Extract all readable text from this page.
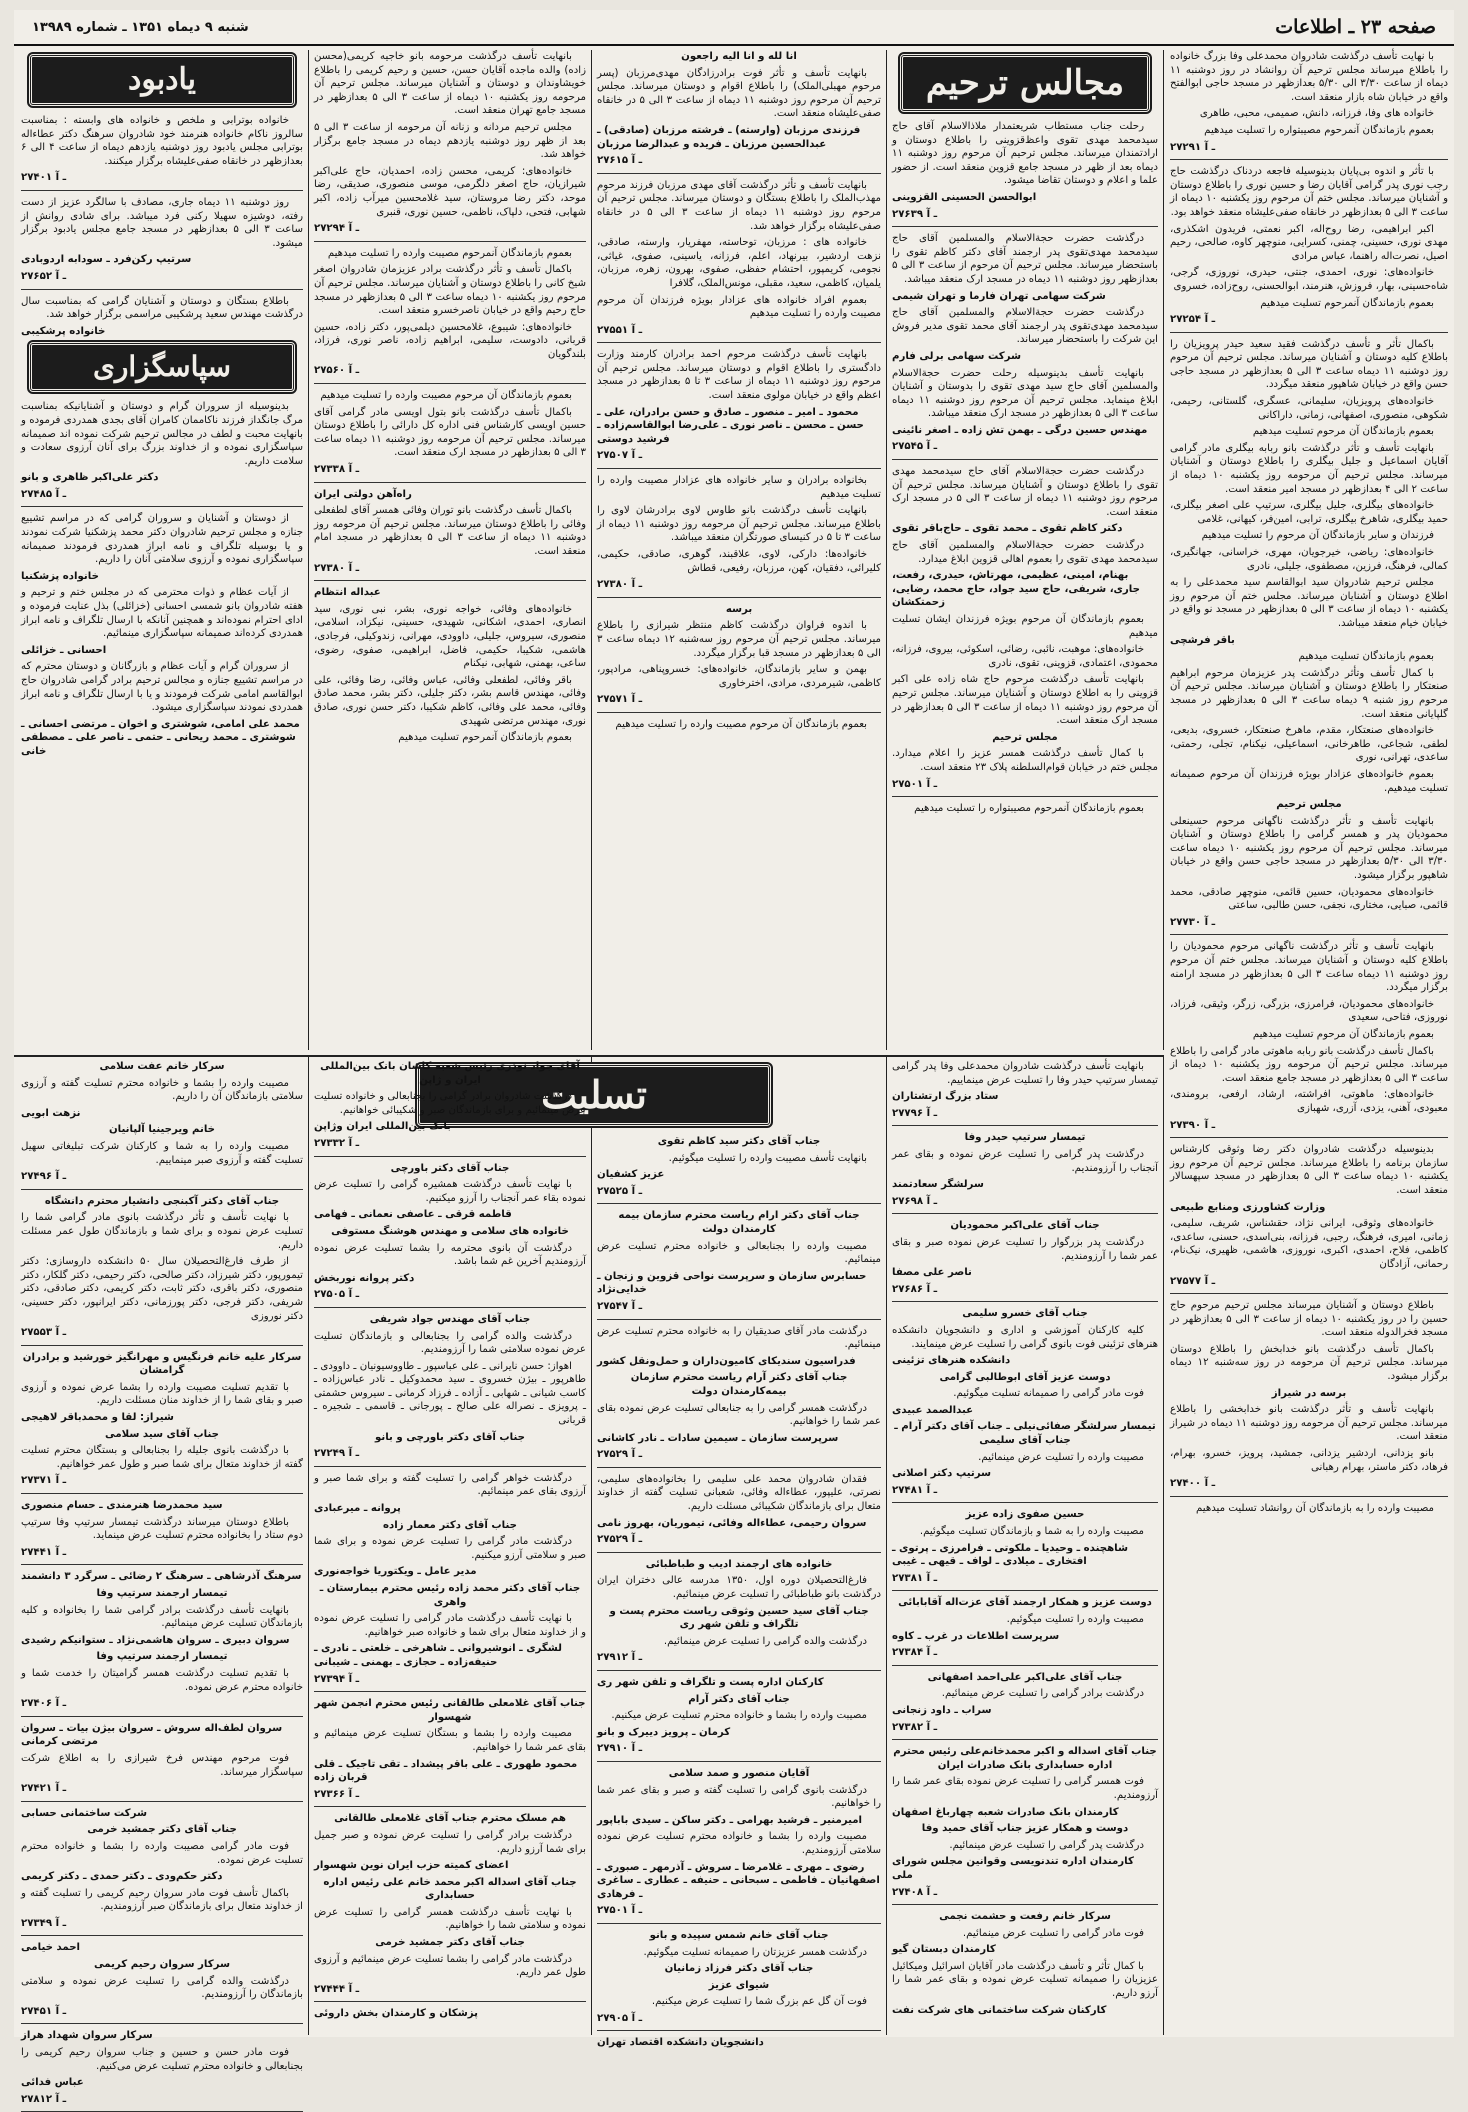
صفحه ۲۳ ـ اطلاعات
شنبه ۹ دیماه ۱۳۵۱ ـ شماره ۱۳۹۸۹

با نهایت تأسف درگذشت شادروان محمدعلی وفا بزرگ خانواده را باطلاع میرساند مجلس ترحیم آن روانشاد در روز دوشنبه ۱۱ دیماه از ساعت ۳/۳۰ الی ۵/۳۰ بعدازظهر در مسجد حاجی ابوالفتح واقع در خیابان شاه بازار منعقد است.

خانواده های وفا، فرزانه، دانش، صمیمی، محبی، طاهری

بعموم بازماندگان آنمرحوم مصیبتواره را تسلیت میدهیم

۲۷۲۹۱ ـ آ

با تأثر و اندوه بی‌پایان بدینوسیله فاجعه دردناک درگذشت حاج رجب نوری پدر گرامی آقایان رضا و حسین نوری را باطلاع دوستان و آشنایان میرساند. مجلس ختم آن مرحوم روز یکشنبه ۱۰ دیماه از ساعت ۳ الی ۵ بعدازظهر در خانقاه صفی‌علیشاه منعقد خواهد بود.

اکبر ابراهیمی، رضا روح‌اله، اکبر نعمتی، فریدون اشکذری، مهدی نوری، حسینی، چمنی، کسرایی، منوچهر کاوه، صالحی، رحیم اصیل، نصرت‌اله راهنما، عباس مرادی

خانواده‌های: نوری، احمدی، جنتی، حیدری، نوروزی، گرجی، شاه‌حسینی، بهار، فروزش، هنرمند، ابوالحسنی، روح‌زاده، خسروی

بعموم بازماندگان آنمرحوم تسلیت میدهیم

۲۷۲۵۴ ـ آ

باکمال تأثر و تأسف درگذشت فقید سعید حیدر پرویزیان را باطلاع کلیه دوستان و آشنایان میرساند. مجلس ترحیم آن مرحوم روز دوشنبه ۱۱ دیماه ساعت ۳ الی ۵ بعدازظهر در مسجد حاجی حسن واقع در خیابان شاهپور منعقد میگردد.

خانواده‌های پرویزیان، سلیمانی، عسگری، گلستانی، رحیمی، شکوهی، منصوری، اصفهانی، زمانی، داراکانی

بعموم بازماندگان آن مرحوم تسلیت میدهیم

بانهایت تأسف و تأثر درگذشت بانو ربابه بیگلری مادر گرامی آقایان اسماعیل و جلیل بیگلری را باطلاع دوستان و آشنایان میرساند. مجلس ترحیم آن مرحومه روز یکشنبه ۱۰ دیماه از ساعت ۲ الی ۴ بعدازظهر در مسجد امیر منعقد است.

خانواده‌های بیگلری، جلیل بیگلری، سرتیپ علی اصغر بیگلری، حمید بیگلری، شاهرخ بیگلری، ترابی، امین‌فر، کیهانی، غلامی

فرزندان و سایر بازماندگان آن مرحوم را تسلیت میدهیم

خانواده‌های: ریاضی، خیرجویان، مهری، خراسانی، جهانگیری، کمالی، فرهنگ، فرزین، مصطفوی، جلیلی، نادری

مجلس ترحیم شادروان سید ابوالقاسم سید محمدعلی را به اطلاع دوستان و آشنایان میرساند. مجلس ختم آن مرحوم روز یکشنبه ۱۰ دیماه از ساعت ۳ الی ۵ بعدازظهر در مسجد نو واقع در خیابان خیام منعقد میباشد.

باقر فرشچی

بعموم بازماندگان تسلیت میدهیم

با کمال تأسف وتأثر درگذشت پدر عزیزمان مرحوم ابراهیم صنعتکار را باطلاع دوستان و آشنایان میرساند. مجلس ترحیم آن مرحوم روز شنبه ۹ دیماه ساعت ۳ الی ۵ بعدازظهر در مسجد گلپایانی منعقد است.

خانواده‌های صنعتکار، مقدم، ماهرخ صنعتکار، خسروی، بدیعی، لطفی، شجاعی، طاهرخانی، اسماعیلی، نیکنام، تجلی، رحمتی، ساعدی، تهرانی، نوری

بعموم خانواده‌های عزادار بویژه فرزندان آن مرحوم صمیمانه تسلیت میدهیم.

مجلس ترحیم

بانهایت تأسف و تأثر درگذشت ناگهانی مرحوم حسینعلی محمودیان پدر و همسر گرامی را باطلاع دوستان و آشنایان میرساند. مجلس ترحیم آن مرحوم روز یکشنبه ۱۰ دیماه ساعت ۳/۳۰ الی ۵/۳۰ بعدازظهر در مسجد حاجی حسن واقع در خیابان شاهپور برگزار میشود.

خانواده‌های محمودیان، حسین قائمی، منوچهر صادقی، محمد قائمی، صبایی، مختاری، نجفی، حسن طالبی، ساعتی

۲۷۷۳۰ ـ آ

بانهایت تأسف و تأثر درگذشت ناگهانی مرحوم محمودیان را باطلاع کلیه دوستان و آشنایان میرساند. مجلس ختم آن مرحوم روز دوشنبه ۱۱ دیماه ساعت ۳ الی ۵ بعدازظهر در مسجد ارامنه برگزار میگردد.

خانواده‌های محمودیان، فرامرزی، بزرگی، زرگر، وثیقی، فرزاد، نوروزی، فتاحی، سعیدی

بعموم بازماندگان آن مرحوم تسلیت میدهیم

باکمال تأسف درگذشت بانو ربابه ماهوتی مادر گرامی را باطلاع میرساند. مجلس ترحیم آن مرحومه روز یکشنبه ۱۰ دیماه از ساعت ۳ الی ۵ بعدازظهر در مسجد جامع منعقد است.

خانواده‌های: ماهوتی، افراشته، ارشاد، ارفعی، برومندی، معبودی، آهنی، یزدی، آزری، شهبازی

۲۷۳۹۰ ـ آ

بدینوسیله درگذشت شادروان دکتر رضا وثوقی کارشناس سازمان برنامه را باطلاع میرساند. مجلس ترحیم آن مرحوم روز یکشنبه ۱۰ دیماه ساعت ۳ الی ۵ بعدازظهر در مسجد سپهسالار منعقد است.

وزارت کشاورزی ومنابع طبیعی

خانواده‌های وثوقی، ایرانی نژاد، حقشناس، شریف، سلیمی، زمانی، امیری، فرهنگ، رجبی، فرزانه، بنی‌اسدی، حسنی، ساعدی، کاظمی، فلاح، احمدی، اکبری، نوروزی، هاشمی، ظهیری، نیک‌نام، رحمانی، آزادگان

۲۷۵۷۷ ـ آ

باطلاع دوستان و آشنایان میرساند مجلس ترحیم مرحوم حاج حسین را در روز یکشنبه ۱۰ دیماه از ساعت ۳ الی ۵ بعدازظهر در مسجد فخرالدوله منعقد است.

باکمال تأسف درگذشت بانو خدابخش را باطلاع دوستان میرساند. مجلس ترحیم آن مرحومه در روز سه‌شنبه ۱۲ دیماه برگزار میشود.

برسه در شیراز

بانهایت تأسف و تأثر درگذشت بانو خدابخشی را باطلاع میرساند. مجلس ترحیم آن مرحومه روز دوشنبه ۱۱ دیماه در شیراز منعقد است.

بانو یزدانی، اردشیر یزدانی، جمشید، پرویز، خسرو، بهرام، فرهاد، دکتر ماستر، بهرام رهبانی

۲۷۴۰۰ ـ آ

مصیبت وارده را به بازماندگان آن روانشاد تسلیت میدهیم

مجالس ترحیم

رحلت جناب مستطاب شریعتمدار ملاذالاسلام آقای حاج سیدمحمد مهدی تقوی واعظ‌قزوینی را باطلاع دوستان و ارادتمندان میرساند. مجلس ترحیم آن مرحوم روز دوشنبه ۱۱ دیماه بعد از ظهر در مسجد جامع قزوین منعقد است. از حضور علما و اعلام و دوستان تقاضا میشود.

ابوالحسن الحسینی القزوینی

۲۷۶۳۹ ـ آ

درگذشت حضرت حجة‌الاسلام والمسلمین آقای حاج سیدمحمد مهدی‌تقوی پدر ارجمند آقای دکتر کاظم تقوی را باستحضار میرساند. مجلس ترحیم آن مرحوم از ساعت ۳ الی ۵ بعدازظهر روز دوشنبه ۱۱ دیماه در مسجد ارک منعقد میباشد.

شرکت سهامی تهران فارما و تهران شیمی

درگذشت حضرت حجة‌الاسلام والمسلمین آقای حاج سیدمحمد مهدی‌تقوی پدر ارجمند آقای محمد تقوی مدیر فروش این شرکت را باستحضار میرساند.

شرکت سهامی برلی فارم

بانهایت تأسف بدینوسیله رحلت حضرت حجة‌الاسلام والمسلمین آقای حاج سید مهدی تقوی را بدوستان و آشنایان ابلاغ مینماید. مجلس ترحیم آن مرحوم روز دوشنبه ۱۱ دیماه ساعت ۳ الی ۵ بعدازظهر در مسجد ارک منعقد میباشد.

مهندس حسین درگی ـ بهمن تش زاده ـ اصغر نائینی

۲۷۵۴۵ ـ آ

درگذشت حضرت حجة‌الاسلام آقای حاج سیدمحمد مهدی تقوی را باطلاع دوستان و آشنایان میرساند. مجلس ترحیم آن مرحوم روز دوشنبه ۱۱ دیماه از ساعت ۳ الی ۵ در مسجد ارک منعقد است.

دکتر کاظم تقوی ـ محمد تقوی ـ حاج‌باقر تقوی

درگذشت حضرت حجة‌الاسلام والمسلمین آقای حاج سیدمحمد مهدی تقوی را بعموم اهالی قزوین ابلاغ میدارد.

بهنام، امینی، عظیمی، مهرتاش، حیدری، رفعت، جاری، شریفی، حاج سید جواد، حاج محمد، رضایی، زحمتکشان

بعموم بازماندگان آن مرحوم بویژه فرزندان ایشان تسلیت میدهیم

خانواده‌های: موهبت، نائبی، رضائی، اسکوئی، بیروی، فرزانه، محمودی، اعتمادی، قزوینی، تقوی، نادری

بانهایت تأسف درگذشت مرحوم حاج شاه زاده علی اکبر قزوینی را به اطلاع دوستان و آشنایان میرساند. مجلس ترحیم آن مرحوم روز دوشنبه ۱۱ دیماه از ساعت ۳ الی ۵ بعدازظهر در مسجد ارک منعقد است.

مجلس ترحیم

با کمال تأسف درگذشت همسر عزیز را اعلام میدارد. مجلس ختم در خیابان قوام‌السلطنه پلاک ۲۳ منعقد است.

۲۷۵۰۱ ـ آ

بعموم بازماندگان آنمرحوم مصیبتواره را تسلیت میدهیم

انا لله و انا الیه راجعون

بانهایت تأسف و تأثر فوت برادرزادگان مهدی‌مرزبان (پسر مرحوم مهبلی‌الملک) را باطلاع اقوام و دوستان میرساند. مجلس ترحیم آن مرحوم روز دوشنبه ۱۱ دیماه از ساعت ۳ الی ۵ در خانقاه صفی‌علیشاه منعقد است.

فرزندی مرزبان (وارسته) ـ فرشته مرزبان (صادقی) ـ عبدالحسین مرزبان ـ فریده و عبدالرضا مرزبان

۲۷۶۱۵ ـ آ

بانهایت تأسف و تأثر درگذشت آقای مهدی مرزبان فرزند مرحوم مهذب‌الملک را باطلاع بستگان و دوستان میرساند. مجلس ترحیم آن مرحوم روز دوشنبه ۱۱ دیماه از ساعت ۳ الی ۵ در خانقاه صفی‌علیشاه برگزار خواهد شد.

خانواده های : مرزبان، توحاسته، مهفریار، وارسته، صادقی، نزهت اردشیر، بیرنهاد، اعلم، فرزانه، یاسینی، صفوی، غیاثی، نجومی، کریمپور، احتشام حفظی، صفوی، بهرون، زهره، مرزبان، یلمیان، کاظمی، سعید، مقبلی، مونس‌الملک، گلافرا

بعموم افراد خانواده های عزادار بویژه فرزندان آن مرحوم مصیبت وارده را تسلیت میدهیم

۲۷۵۵۱ ـ آ

بانهایت تأسف درگذشت مرحوم احمد برادران کارمند وزارت دادگستری را باطلاع اقوام و دوستان میرساند. مجلس ترحیم آن مرحوم روز دوشنبه ۱۱ دیماه از ساعت ۳ تا ۵ بعدازظهر در مسجد اعظم واقع در خیابان مولوی منعقد است.

محمود ـ امیر ـ منصور ـ صادق و حسن برادران، علی ـ حسن ـ محسن ـ ناصر نوری ـ علی‌رضا ابوالقاسم‌زاده ـ فرشید دوستی

۲۷۵۰۷ ـ آ

بخانواده برادران و سایر خانواده های عزادار مصیبت وارده را تسلیت میدهیم

بانهایت تأسف درگذشت بانو طاوس لاوی برادرشان لاوی را باطلاع میرساند. مجلس ترحیم آن مرحومه روز دوشنبه ۱۱ دیماه از ساعت ۳ تا ۵ در کنیسای صورتگران منعقد میباشد.

خانواده‌ها: دارکی، لاوی، علاقبند، گوهری، صادقی، حکیمی، کلیرائی، دفقیان، کهن، مرزبان، رفیعی، قطاش

۲۷۳۸۰ ـ آ

برسه

با اندوه فراوان درگذشت کاظم منتظر شیرازی را باطلاع میرساند. مجلس ترحیم آن مرحوم روز سه‌شنبه ۱۲ دیماه ساعت ۳ الی ۵ بعدازظهر در مسجد قبا برگزار میگردد.

بهمن و سایر بازماندگان، خانواده‌های: خسروپناهی، مرادپور، کاظمی، شیرمردی، مرادی، اخترخاوری

۲۷۵۷۱ ـ آ

بعموم بازماندگان آن مرحوم مصیبت وارده را تسلیت میدهیم

بانهایت تأسف درگذشت مرحومه بانو خاجیه کریمی(محسن زاده) والده ماجده آقایان حسن، حسین و رحیم کریمی را باطلاع خویشاوندان و دوستان و آشنایان میرساند. مجلس ترحیم آن مرحومه روز یکشنبه ۱۰ دیماه از ساعت ۳ الی ۵ بعدازظهر در مسجد جامع تهران منعقد است.

مجلس ترحیم مردانه و زنانه آن مرحومه از ساعت ۳ الی ۵ بعد از ظهر روز دوشنبه یازدهم دیماه در مسجد جامع برگزار خواهد شد.

خانواده‌های: کریمی، محسن زاده، احمدیان، حاج علی‌اکبر شیرازیان، حاج اصغر دلگرمی، موسی منصوری، صدیقی، رضا موحد، دکتر رضا مروستان، سید غلامحسین میرآب زاده، اکبر شهابی، فتحی، دلپاک، ناظمی، حسین نوری، قنبری

۲۷۲۹۴ ـ آ

بعموم بازماندگان آنمرحوم مصیبت وارده را تسلیت میدهیم

باکمال تأسف و تأثر درگذشت برادر عزیزمان شادروان اصغر شیخ کانی را باطلاع دوستان و آشنایان میرساند. مجلس ترحیم آن مرحوم روز یکشنبه ۱۰ دیماه ساعت ۳ الی ۵ بعدازظهر در مسجد حاج رحیم واقع در خیابان ناصرخسرو منعقد است.

خانواده‌های: شیبوع، غلامحسین دیلمی‌پور، دکتر زاده، حسین قربانی، دادوست، سلیمی، ابراهیم زاده، ناصر نوری، فرزاد، بلندگویان

۲۷۵۶۰ ـ آ

بعموم بازماندگان آن مرحوم مصیبت وارده را تسلیت میدهیم

باکمال تأسف درگذشت بانو بتول اویسی مادر گرامی آقای حسین اویسی کارشناس فنی اداره کل دارائی را باطلاع دوستان میرساند. مجلس ترحیم آن مرحومه روز دوشنبه ۱۱ دیماه ساعت ۳ الی ۵ بعدازظهر در مسجد ارک منعقد است.

۲۷۳۳۸ ـ آ

راه‌آهن دولتی ایران

باکمال تأسف درگذشت بانو توران وفائی همسر آقای لطفعلی وفائی را باطلاع دوستان میرساند. مجلس ترحیم آن مرحومه روز دوشنبه ۱۱ دیماه از ساعت ۳ الی ۵ بعدازظهر در مسجد امام منعقد است.

۲۷۳۸۰ ـ آ

عبداله انتظام

خانواده‌های وفائی، خواجه نوری، بشر، نبی نوری، سید انصاری، احمدی، اشکانی، شهیدی، حسینی، نیکزاد، اسلامی، منصوری، سیروس، جلیلی، داوودی، مهرانی، زندوکیلی، فرجادی، هاشمی، شکیبا، حکیمی، فاضل، ابراهیمی، صفوی، رضوی، ساعی، بهمنی، شهابی، نیکنام

باقر وفائی، لطفعلی وفائی، عباس وفائی، رضا وفائی، علی وفائی، مهندس قاسم بشر، دکتر جلیلی، دکتر بشر، محمد صادق وفائی، محمد علی وفائی، کاظم شکیبا، دکتر حسن نوری، صادق نوری، مهندس مرتضی شهیدی

بعموم بازماندگان آنمرحوم تسلیت میدهیم

یادبود

خانواده بوترابی و ملخص و خانواده های وابسته : بمناسبت سالروز ناکام خانواده هنرمند خود شادروان سرهنگ دکتر عطاءاله بوترابی مجلس یادبود روز دوشنبه یازدهم دیماه از ساعت ۴ الی ۶ بعدازظهر در خانقاه صفی‌علیشاه برگزار میکنند.

۲۷۴۰۱ ـ آ

روز دوشنبه ۱۱ دیماه جاری، مصادف با سالگرد عزیز از دست رفته، دوشیزه سهیلا رکنی فرد میباشد. برای شادی روانش از ساعت ۳ الی ۵ بعدازظهر در مسجد جامع مجلس یادبود برگزار میشود.

سرتیپ رکن‌فرد ـ سودابه اردوبادی

۲۷۶۵۲ ـ آ

باطلاع بستگان و دوستان و آشنایان گرامی که بمناسبت سال درگذشت مهندس سعید پرشکیبی مراسمی برگزار خواهد شد.

خانواده پرشکیبی

سپاسگزاری

بدینوسیله از سروران گرام و دوستان و آشنایانیکه بمناسبت مرگ جانگداز فرزند ناکاممان کامران آقای بجدی همدردی فرموده و بانهایت محبت و لطف در مجالس ترحیم شرکت نموده اند صمیمانه سپاسگزاری نموده و از خداوند بزرگ برای آنان آرزوی سعادت و سلامت داریم.

دکتر علی‌اکبر ظاهری و بانو

۲۷۴۸۵ ـ آ

از دوستان و آشنایان و سروران گرامی که در مراسم تشییع جنازه و مجلس ترحیم شادروان دکتر محمد پزشکنیا شرکت نمودند و یا بوسیله تلگراف و نامه ابراز همدردی فرمودند صمیمانه سپاسگزاری نموده و آرزوی سلامتی آنان را داریم.

خانواده پزشکنیا

از آیات عظام و ذوات محترمی که در مجلس ختم و ترحیم و هفته شادروان بانو شمسی احسانی (خزائلی) بذل عنایت فرموده و ادای احترام نموده‌اند و همچنین آنانکه با ارسال تلگراف و نامه ابراز همدردی کرده‌اند صمیمانه سپاسگزاری مینمائیم.

احسانی ـ خزائلی

از سروران گرام و آیات عظام و بازرگانان و دوستان محترم که در مراسم تشییع جنازه و مجالس ترحیم برادر گرامی شادروان حاج ابوالقاسم امامی شرکت فرمودند و یا با ارسال تلگراف و نامه ابراز همدردی نمودند سپاسگزاری میشود.

محمد علی امامی، شوشتری و اخوان ـ مرتضی احسانی ـ شوشتری ـ محمد ریحانی ـ حتمی ـ ناصر علی ـ مصطفی خانی

تسلیت

بانهایت تأسف درگذشت شادروان محمدعلی وفا پدر گرامی تیمسار سرتیپ حیدر وفا را تسلیت عرض مینماییم.

ستاد بزرگ ارتشتاران

۲۷۷۹۶ ـ آ

تیمسار سرتیپ حیدر وفا

درگذشت پدر گرامی را تسلیت عرض نموده و بقای عمر آنجناب را آرزومندیم.

سرلشگر سعادتمند

۲۷۶۹۸ ـ آ

جناب آقای علی‌اکبر محمودیان

درگذشت پدر بزرگوار را تسلیت عرض نموده صبر و بقای عمر شما را آرزومندیم.

ناصر علی مصفا

۲۷۶۸۶ ـ آ

جناب آقای خسرو سلیمی

کلیه کارکنان آموزشی و اداری و دانشجویان دانشکده هنرهای تزئینی فوت بانوی گرامی را تسلیت عرض مینمایند.

دانشکده هنرهای تزئینی

دوست عزیز آقای ابوطالبی گرامی

فوت مادر گرامی را صمیمانه تسلیت میگوئیم.

عبدالصمد عبیدی

تیمسار سرلشگر صفائی‌نیلی ـ جناب آقای دکتر آرام ـ جناب آقای سلیمی

مصیبت وارده را تسلیت عرض مینمائیم.

سرتیپ دکتر اصلانی

۲۷۴۸۱ ـ آ

حسین صفوی زاده عزیز

مصیبت وارده را به شما و بازماندگان تسلیت میگوئیم.

شاهچنده ـ وحیدیا ـ ملکوتی ـ فرامرزی ـ پرتوی ـ افتخاری ـ میلادی ـ لواف ـ قیهی ـ غیبی

۲۷۳۸۱ ـ آ

دوست عزیز و همکار ارجمند آقای عزت‌اله آقابابائی

مصیبت وارده را تسلیت میگوئیم.

سرپرست اطلاعات در غرب ـ کاوه

۲۷۳۸۴ ـ آ

جناب آقای علی‌اکبر علی‌احمد اصفهانی

درگذشت برادر گرامی را تسلیت عرض مینمائیم.

سراب ـ داود زنجانی

۲۷۳۸۲ ـ آ

جناب آقای اسداله و اکبر محمدخانم‌علی رئیس محترم اداره حسابداری بانک صادرات ایران

فوت همسر گرامی را تسلیت عرض نموده بقای عمر شما را آرزومندیم.

کارمندان بانک صادرات شعبه چهارباغ اصفهان

دوست و همکار عزیز جناب آقای حمید وفا

درگذشت پدر گرامی را تسلیت عرض مینمائیم.

کارمندان اداره تندنویسی وقوانین مجلس شورای ملی

۲۷۴۰۸ ـ آ

سرکار خانم رفعت و حشمت نجمی

فوت مادر گرامی را تسلیت عرض مینمائیم.

کارمندان دبستان گیو

با کمال تأثر و تأسف درگذشت مادر آقایان اسرائیل ومیکائیل عزیزیان را صمیمانه تسلیت عرض نموده و بقای عمر شما را آرزو داریم.

کارکنان شرکت ساختمانی های شرکت نفت

جناب آقای دکتر سید کاظم تقوی

بانهایت تأسف مصیبت وارده را تسلیت میگوئیم.

عزیز کشفیان

۲۷۵۲۵ ـ آ

جناب آقای دکتر ارام رياست محترم سازمان بیمه کارمندان دولت

مصیبت وارده را بجنابعالی و خانواده محترم تسلیت عرض مینمائیم.

حسابرس سازمان و سرپرست نواحی قزوین و زنجان ـ خدایی‌نژاد

۲۷۵۴۷ ـ آ

درگذشت مادر آقای صدیقیان را به خانواده محترم تسلیت عرض مینمائیم.

فدراسیون سندیکای کامیون‌داران و حمل‌ونقل کشور

جناب آقای دکتر آرام رياست محترم سازمان بیمه‌کارمندان دولت

درگذشت همسر گرامی را به جنابعالی تسلیت عرض نموده بقای عمر شما را خواهانیم.

سرپرست سازمان ـ سیمین سادات ـ نادر کاشانی

۲۷۵۲۹ ـ آ

فقدان شادروان محمد علی سلیمی را بخانواده‌های سلیمی، نصرتی، علیپور، عطاءاله وفائی، شعبانی تسلیت گفته از خداوند متعال برای بازماندگان شکیبائی مسئلت داریم.

سروان رحیمی، عطاءاله وفائی، تیموریان، بهروز نامی

۲۷۵۲۹ ـ آ

خانواده های ارجمند ادیب و طباطبائی

فارغ‌التحصیلان دوره اول، ۱۳۵۰ مدرسه عالی دختران ایران درگذشت بانو طباطبائی را تسلیت عرض مینمائیم.

جناب آقای سید حسین وثوقی ریاست محترم پست و تلگراف و تلفن شهر ری

درگذشت والده گرامی را تسلیت عرض مینمائیم.

۲۷۹۱۲ ـ آ

کارکنان اداره پست و تلگراف و تلفن شهر ری

جناب آقای دکتر آرام

مصیبت وارده را بشما و خانواده محترم تسلیت عرض میکنیم.

کرمان ـ پرویز دییرک و بانو

۲۷۹۱۰ ـ آ

آقایان منصور و صمد سلامی

درگذشت بانوی گرامی را تسلیت گفته و صبر و بقای عمر شما را خواهانیم.

امیرمنیر ـ فرشید بهرامی ـ دکتر ساکن ـ سیدی باباپور

مصیبت وارده را بشما و خانواده محترم تسلیت عرض نموده سلامتی آرزومندیم.

رضوی ـ مهری ـ غلامرضا ـ سروش ـ آذرمهر ـ صبوری ـ اصفهانیان ـ فاطمی ـ سبحانی ـ حنیفه ـ عطاری ـ ساغری ـ فرهادی

۲۷۵۰۱ ـ آ

جناب آقای خانم شمس سپیده و بانو

درگذشت همسر عزیزتان را صمیمانه تسلیت میگوئیم.

جناب آقای دکتر فرزاد زمانیان

شیوای عزیز

فوت آن گل عم بزرگ شما را تسلیت عرض میکنیم.

۲۷۹۰۵ ـ آ

دانشجویان دانشکده اقتصاد تهران

آقای جواد نوذری رئیس شعبه کاشان بانک بین‌المللی ایران و ژاپن

درگذشت شادروان برادر گرامی را بجنابعالی و خانواده تسلیت عرض مینمائیم و برای بازماندگان صبر و شکیبائی خواهانیم.

بانک بین‌المللی ایران وژاپن

۲۷۳۳۲ ـ آ

جناب آقای دکتر باورچی

با نهایت تأسف درگذشت همشیره گرامی را تسلیت عرض نموده بقاء عمر آنجناب را آرزو میکنیم.

قاطمه قرقی ـ عاصفی نعمانی ـ فهامی

خانواده های سلامی و مهندس هوشنگ مستوفی

درگذشت آن بانوی محترمه را بشما تسلیت عرض نموده آرزومندیم آخرین غم شما باشد.

دکتر پروانه نوربخش

۲۷۵۰۵ ـ آ

جناب آقای مهندس جواد شریفی

درگذشت والده گرامی را بجنابعالی و بازماندگان تسلیت عرض نموده سلامتی شما را آرزومندیم.

اهواز: حسن نایرانی ـ علی عباسپور ـ طاووسیونیان ـ داوودی ـ طاهرپور ـ بیژن خسروی ـ سید محمدوکیل ـ نادر عباس‌زاده ـ کاسب شیانی ـ شهابی ـ آزاده ـ فرزاد کرمانی ـ سیروس حشمتی ـ پرویزی ـ نصراله علی صالح ـ پورجانی ـ قاسمی ـ شجیره ـ قربانی

جناب آقای دکتر باورچی و بانو

۲۷۲۴۹ ـ آ

درگذشت خواهر گرامی را تسلیت گفته و برای شما صبر و آرزوی بقای عمر مینمائیم.

پروانه ـ میرعبادی

جناب آقای دکتر معمار زاده

درگذشت مادر گرامی را تسلیت عرض نموده و برای شما صبر و سلامتی آرزو میکنیم.

مدیر عامل ـ ویکتوریا خواجه‌نوری

جناب آقای دکتر محمد زاده رئیس محترم بیمارستان ـ واهری

با نهایت تأسف درگذشت مادر گرامی را تسلیت عرض نموده و از خداوند متعال برای شما و خانواده صبر خواهانیم.

لشگری ـ انوشیروانی ـ شاهرخی ـ خلعتی ـ نادری ـ حنیفه‌زاده ـ حجازی ـ بهمنی ـ شیبانی

۲۷۳۹۴ ـ آ

جناب آقای غلامعلی طالقانی رئیس محترم انجمن شهر شهسوار

مصیبت وارده را بشما و بستگان تسلیت عرض مینمائیم و بقای عمر شما را خواهانیم.

محمود طهوری ـ علی باقر پیشداد ـ تقی تاجیک ـ قلی قربان زاده

۲۷۳۶۶ ـ آ

هم مسلک محترم جناب آقای غلامعلی طالقانی

درگذشت برادر گرامی را تسلیت عرض نموده و صبر جمیل برای شما آرزو داریم.

اعضای کمیته حزب ایران نوین شهسوار

جناب آقای اسداله اکبر محمد خانم علی رئیس اداره حسابداری

با نهایت تأسف درگذشت همسر گرامی را تسلیت عرض نموده و سلامتی شما را خواهانیم.

جناب آقای دکتر جمشید خرمی

درگذشت مادر گرامی را بشما تسلیت عرض مینمائیم و آرزوی طول عمر داریم.

۲۷۴۴۴ ـ آ

پزشکان و کارمندان بخش داروئی

سرکار خانم عفت سلامی

مصیبت وارده را بشما و خانواده محترم تسلیت گفته و آرزوی سلامتی بازماندگان آن را داریم.

نزهت ابویی

خانم ویرجینیا آلپانیان

مصیبت وارده را به شما و کارکنان شرکت تبلیغاتی سهیل تسلیت گفته و آرزوی صبر مینماییم.

۲۷۴۹۶ ـ آ

جناب آقای دکتر آکبنجی دانشیار محترم دانشگاه

با نهایت تأسف و تأثر درگذشت بانوی مادر گرامی شما را تسلیت عرض نموده و برای شما و بازماندگان طول عمر مسئلت داریم.

از طرف فارغ‌التحصیلان سال ۵۰ دانشکده داروسازی: دکتر تیمورپور، دکتر شیرزاد، دکتر صالحی، دکتر رحیمی، دکتر گلکار، دکتر منصوری، دکتر باقری، دکتر ثابت، دکتر کریمی، دکتر صادقی، دکتر شریفی، دکتر فرجی، دکتر پورزمانی، دکتر ایرانپور، دکتر حسینی، دکتر نوروزی

۲۷۵۵۳ ـ آ

سرکار علیه خانم فرنگیس و مهرانگیز خورشید و برادران گرامشان

با تقدیم تسلیت مصیبت وارده را بشما عرض نموده و آرزوی صبر و بقای شما را از خداوند منان مسئلت داریم.

شیراز: لقا و محمدباقر لاهیجی

جناب آقای سید سلامی

با درگذشت بانوی جلیله را بجنابعالی و بستگان محترم تسلیت گفته از خداوند متعال برای شما صبر و طول عمر خواهانیم.

۲۷۳۷۱ ـ آ

سید محمدرضا هنرمندی ـ حسام منصوری

باطلاع دوستان میرساند درگذشت تیمسار سرتیپ وفا سرتیپ دوم ستاد را بخانواده محترم تسلیت عرض مینماید.

۲۷۴۴۱ ـ آ

سرهنگ آذرشاهی ـ سرهنگ ۲ رضائی ـ سرگرد ۳ دانشمند

تیمسار ارجمند سرتیپ وفا

بانهایت تأسف درگذشت برادر گرامی شما را بخانواده و کلیه بازماندگان تسلیت عرض مینمائیم.

سروان دبیری ـ سروان هاشمی‌نژاد ـ ستوانیکم رشیدی

تیمسار ارجمند سرتیپ وفا

با تقدیم تسلیت درگذشت همسر گرامیتان را خدمت شما و خانواده محترم عرض نموده.

۲۷۴۰۶ ـ آ

سروان لطف‌اله سروش ـ سروان بیژن بیات ـ سروان مرتضی کرمانی

فوت مرحوم مهندس فرخ شیرازی را به اطلاع شرکت سپاسگزار میرساند.

۲۷۴۲۱ ـ آ

شرکت ساختمانی حسابی

جناب آقای دکتر جمشید خرمی

فوت مادر گرامی مصیبت وارده را بشما و خانواده محترم تسلیت عرض نموده.

دکتر حکم‌ودی ـ دکتر حمدی ـ دکتر کریمی

باکمال تأسف فوت مادر سروان رحیم کریمی را تسلیت گفته و از خداوند متعال برای بازماندگان صبر آرزومندیم.

۲۷۳۴۹ ـ آ

احمد خیامی

سرکار سروان رحیم کریمی

درگذشت والده گرامی را تسلیت عرض نموده و سلامتی بازماندگان را آرزومندیم.

۲۷۴۵۱ ـ آ

سرکار سروان شهداد هراز

فوت مادر حسن و حسین و جناب سروان رحیم کریمی را بجنابعالی و خانواده محترم تسلیت عرض می‌کنیم.

عباس فدائی

۲۷۸۱۲ ـ آ
